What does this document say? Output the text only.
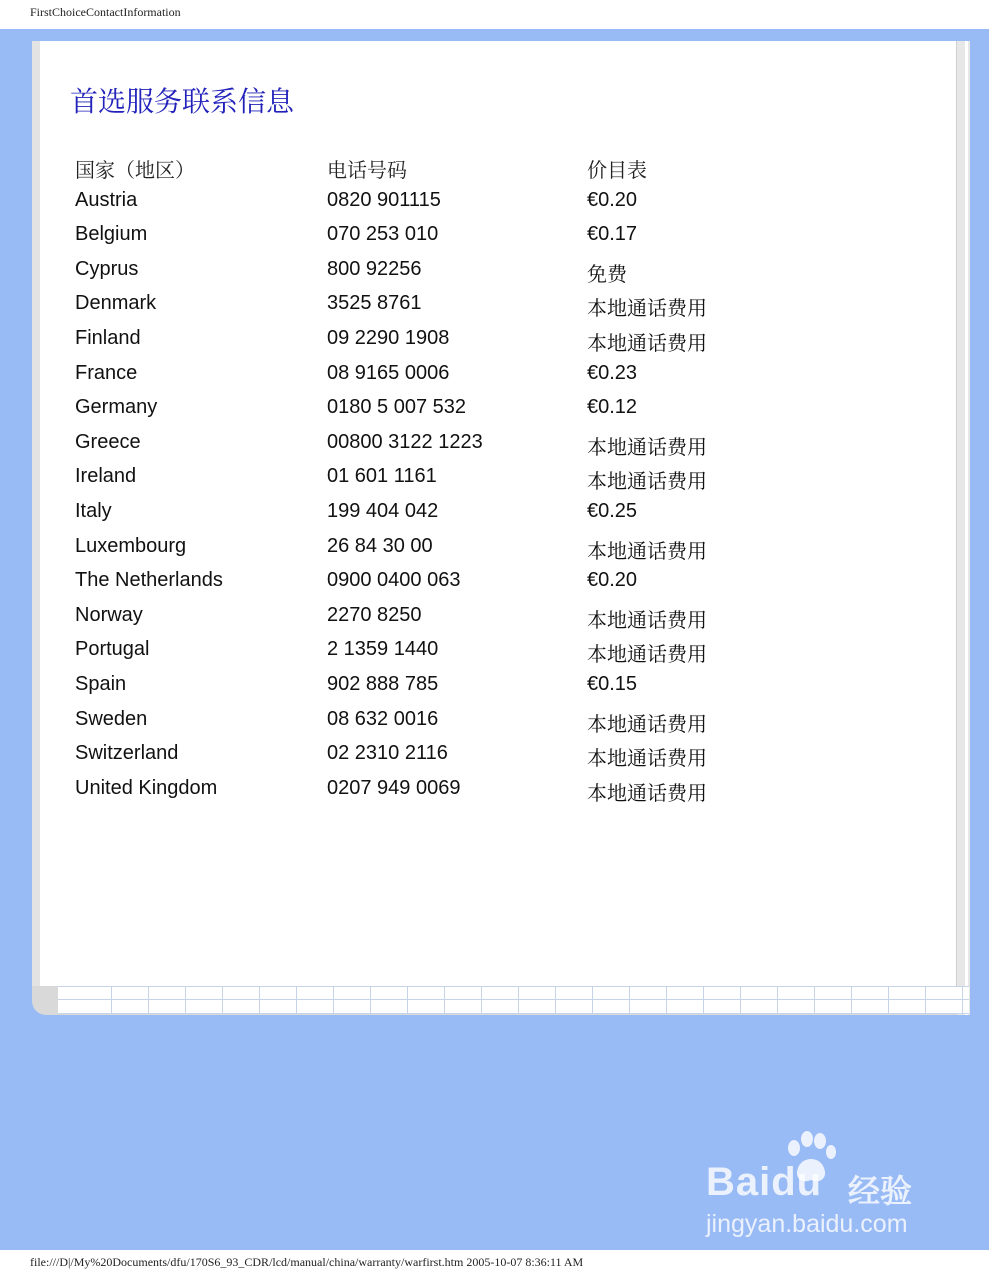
FirstChoiceContactInformation
首选服务联系信息
国家（地区）	电话号码	价目表
Austria	0820 901115	€0.20
Belgium	070 253 010	€0.17
Cyprus	800 92256	免费
Denmark	3525 8761	本地通话费用
Finland	09 2290 1908	本地通话费用
France	08 9165 0006	€0.23
Germany	0180 5 007 532	€0.12
Greece	00800 3122 1223	本地通话费用
Ireland	01 601 1161	本地通话费用
Italy	199 404 042	€0.25
Luxembourg	26 84 30 00	本地通话费用
The Netherlands	0900 0400 063	€0.20
Norway	2270 8250	本地通话费用
Portugal	2 1359 1440	本地通话费用
Spain	902 888 785	€0.15
Sweden	08 632 0016	本地通话费用
Switzerland	02 2310 2116	本地通话费用
United Kingdom	0207 949 0069	本地通话费用
Baidu 经验
jingyan.baidu.com
file:///D|/My%20Documents/dfu/170S6_93_CDR/lcd/manual/china/warranty/warfirst.htm 2005-10-07 8:36:11 AM
